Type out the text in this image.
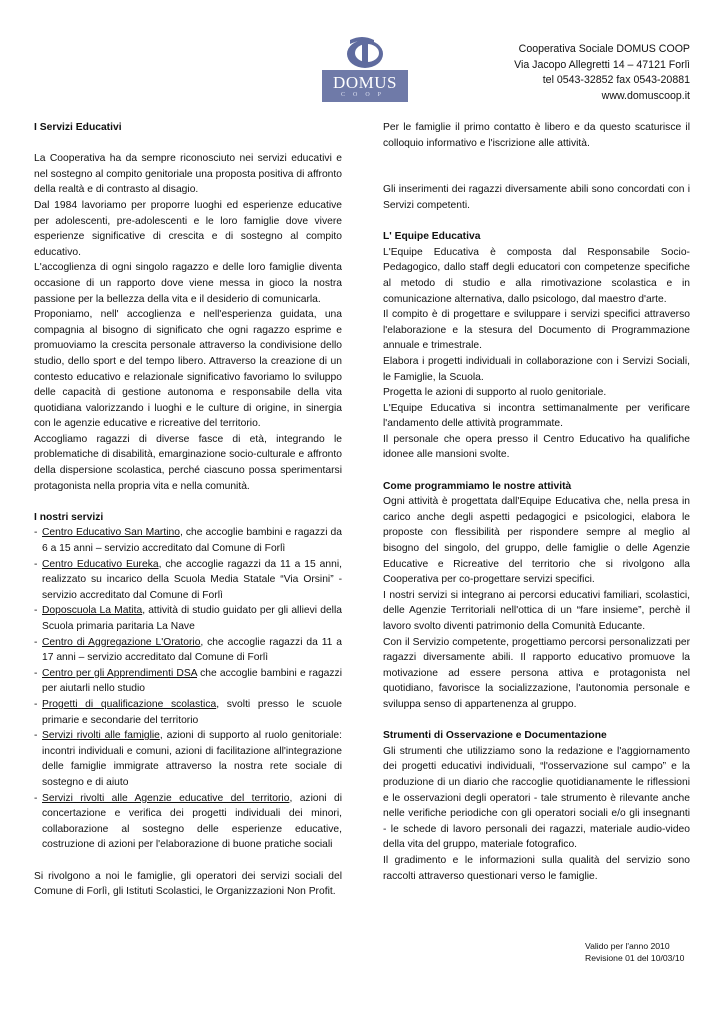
DOMUS
COOP
Cooperativa Sociale DOMUS COOP
Via Jacopo Allegretti 14 – 47121 Forlì
tel 0543-32852 fax 0543-20881
www.domuscoop.it

I Servizi Educativi

La Cooperativa ha da sempre riconosciuto nei servizi educativi e nel sostegno al compito genitoriale una proposta positiva di affronto della realtà e di contrasto al disagio.

Dal 1984 lavoriamo per proporre luoghi ed esperienze educative per adolescenti, pre-adolescenti e le loro famiglie dove vivere esperienze significative di crescita e di sostegno al compito educativo.

L'accoglienza di ogni singolo ragazzo e delle loro famiglie diventa occasione di un rapporto dove viene messa in gioco la nostra passione per la bellezza della vita e il desiderio di comunicarla.

Proponiamo, nell' accoglienza e nell'esperienza guidata, una compagnia al bisogno di significato che ogni ragazzo esprime e promuoviamo la crescita personale attraverso la condivisione dello studio, dello sport e del tempo libero. Attraverso la creazione di un contesto educativo e relazionale significativo favoriamo lo sviluppo delle capacità di gestione autonoma e responsabile della vita quotidiana valorizzando i luoghi e le culture di origine, in sinergia con le agenzie educative e ricreative del territorio.

Accogliamo ragazzi di diverse fasce di età, integrando le problematiche di disabilità, emarginazione socio-culturale e affronto della dispersione scolastica, perché ciascuno possa sperimentarsi protagonista nella propria vita e nella comunità.

I nostri servizi

- Centro Educativo San Martino, che accoglie bambini e ragazzi da 6 a 15 anni – servizio accreditato dal Comune di Forlì
- Centro Educativo Eureka, che accoglie ragazzi da 11 a 15 anni, realizzato su incarico della Scuola Media Statale “Via Orsini” - servizio accreditato dal Comune di Forlì
- Doposcuola La Matita, attività di studio guidato per gli allievi della Scuola primaria paritaria La Nave
- Centro di Aggregazione L'Oratorio, che accoglie ragazzi da 11 a 17 anni – servizio accreditato dal Comune di Forlì
- Centro per gli Apprendimenti DSA che accoglie bambini e ragazzi per aiutarli nello studio
- Progetti di qualificazione scolastica, svolti presso le scuole primarie e secondarie del territorio
- Servizi rivolti alle famiglie, azioni di supporto al ruolo genitoriale: incontri individuali e comuni, azioni di facilitazione all'integrazione delle famiglie immigrate attraverso la nostra rete sociale di sostegno e di aiuto
- Servizi rivolti alle Agenzie educative del territorio, azioni di concertazione e verifica dei progetti individuali dei minori, collaborazione al sostegno delle esperienze educative, costruzione di azioni per l'elaborazione di buone pratiche sociali

Si rivolgono a noi le famiglie, gli operatori dei servizi sociali del Comune di Forlì, gli Istituti Scolastici, le Organizzazioni Non Profit.

Per le famiglie il primo contatto è libero e da questo scaturisce il colloquio informativo e l'iscrizione alle attività.

Gli inserimenti dei ragazzi diversamente abili sono concordati con i Servizi competenti.

L' Equipe Educativa

L'Equipe Educativa è composta dal Responsabile Socio-Pedagogico, dallo staff degli educatori con competenze specifiche al metodo di studio e alla rimotivazione scolastica e in comunicazione alternativa, dallo psicologo, dal maestro d'arte.

Il compito è di progettare e sviluppare i servizi specifici attraverso l'elaborazione e la stesura del Documento di Programmazione annuale e trimestrale.

Elabora i progetti individuali in collaborazione con i Servizi Sociali, le Famiglie, la Scuola.

Progetta le azioni di supporto al ruolo genitoriale.

L'Equipe Educativa si incontra settimanalmente per verificare l'andamento delle attività programmate.

Il personale che opera presso il Centro Educativo ha qualifiche idonee alle mansioni svolte.

Come programmiamo le nostre attività

Ogni attività è progettata dall'Equipe Educativa che, nella presa in carico anche degli aspetti pedagogici e psicologici, elabora le proposte con flessibilità per rispondere sempre al meglio al bisogno del singolo, del gruppo, delle famiglie o delle Agenzie Educative e Ricreative del territorio che si rivolgono alla Cooperativa per co-progettare servizi specifici.

I nostri servizi si integrano ai percorsi educativi familiari, scolastici, delle Agenzie Territoriali nell'ottica di un “fare insieme”, perchè il lavoro svolto diventi patrimonio della Comunità Educante.

Con il Servizio competente, progettiamo percorsi personalizzati per ragazzi diversamente abili. Il rapporto educativo promuove la motivazione ad essere persona attiva e protagonista nel quotidiano, favorisce la socializzazione, l'autonomia personale e sviluppa senso di appartenenza al gruppo.

Strumenti di Osservazione e Documentazione

Gli strumenti che utilizziamo sono la redazione e l'aggiornamento dei progetti educativi individuali, “l'osservazione sul campo” e la produzione di un diario che raccoglie quotidianamente le riflessioni e le osservazioni degli operatori - tale strumento è rilevante anche nelle verifiche periodiche con gli operatori sociali e/o gli insegnanti - le schede di lavoro personali dei ragazzi, materiale audio-video della vita del gruppo, materiale fotografico.

Il gradimento e le informazioni sulla qualità del servizio sono raccolti attraverso questionari verso le famiglie.

Valido per l'anno 2010
Revisione 01 del 10/03/10
